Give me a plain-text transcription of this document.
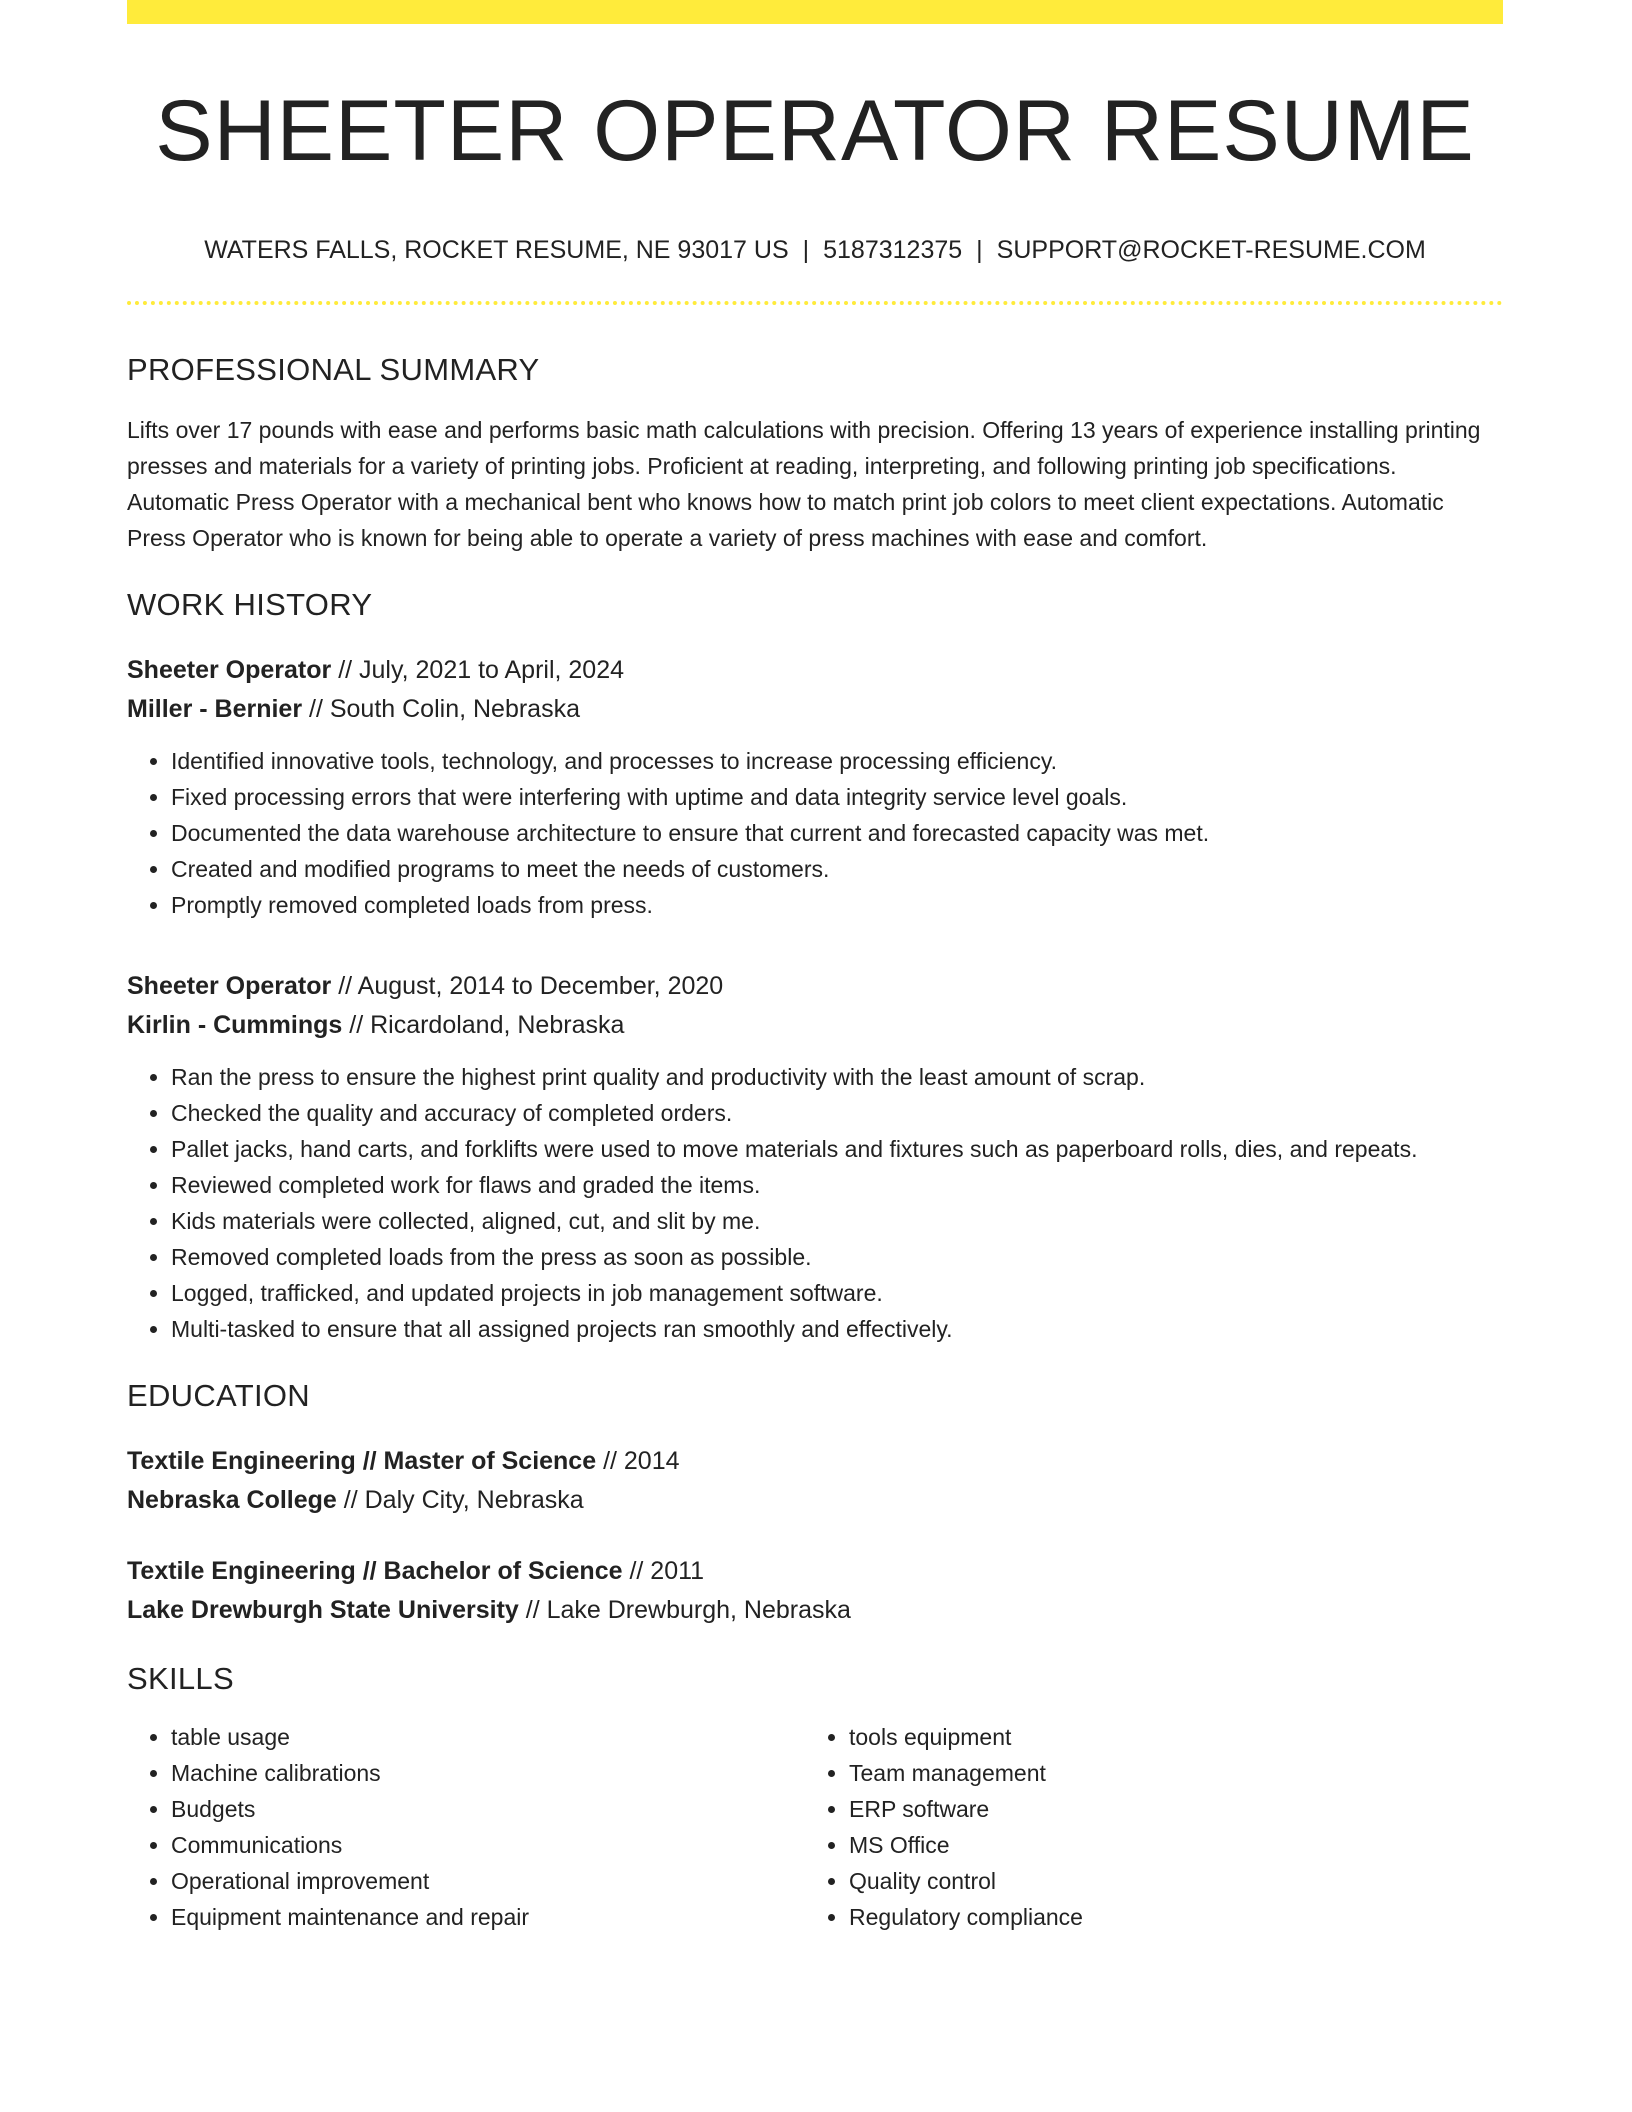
SHEETER OPERATOR RESUME
WATERS FALLS, ROCKET RESUME, NE 93017 US | 5187312375 | SUPPORT@ROCKET-RESUME.COM
PROFESSIONAL SUMMARY
Lifts over 17 pounds with ease and performs basic math calculations with precision. Offering 13 years of experience installing printing presses and materials for a variety of printing jobs. Proficient at reading, interpreting, and following printing job specifications. Automatic Press Operator with a mechanical bent who knows how to match print job colors to meet client expectations. Automatic Press Operator who is known for being able to operate a variety of press machines with ease and comfort.
WORK HISTORY
Sheeter Operator // July, 2021 to April, 2024
Miller - Bernier // South Colin, Nebraska
• Identified innovative tools, technology, and processes to increase processing efficiency.
• Fixed processing errors that were interfering with uptime and data integrity service level goals.
• Documented the data warehouse architecture to ensure that current and forecasted capacity was met.
• Created and modified programs to meet the needs of customers.
• Promptly removed completed loads from press.
Sheeter Operator // August, 2014 to December, 2020
Kirlin - Cummings // Ricardoland, Nebraska
• Ran the press to ensure the highest print quality and productivity with the least amount of scrap.
• Checked the quality and accuracy of completed orders.
• Pallet jacks, hand carts, and forklifts were used to move materials and fixtures such as paperboard rolls, dies, and repeats.
• Reviewed completed work for flaws and graded the items.
• Kids materials were collected, aligned, cut, and slit by me.
• Removed completed loads from the press as soon as possible.
• Logged, trafficked, and updated projects in job management software.
• Multi-tasked to ensure that all assigned projects ran smoothly and effectively.
EDUCATION
Textile Engineering // Master of Science // 2014
Nebraska College // Daly City, Nebraska
Textile Engineering // Bachelor of Science // 2011
Lake Drewburgh State University // Lake Drewburgh, Nebraska
SKILLS
• table usage
• Machine calibrations
• Budgets
• Communications
• Operational improvement
• Equipment maintenance and repair
• tools equipment
• Team management
• ERP software
• MS Office
• Quality control
• Regulatory compliance
